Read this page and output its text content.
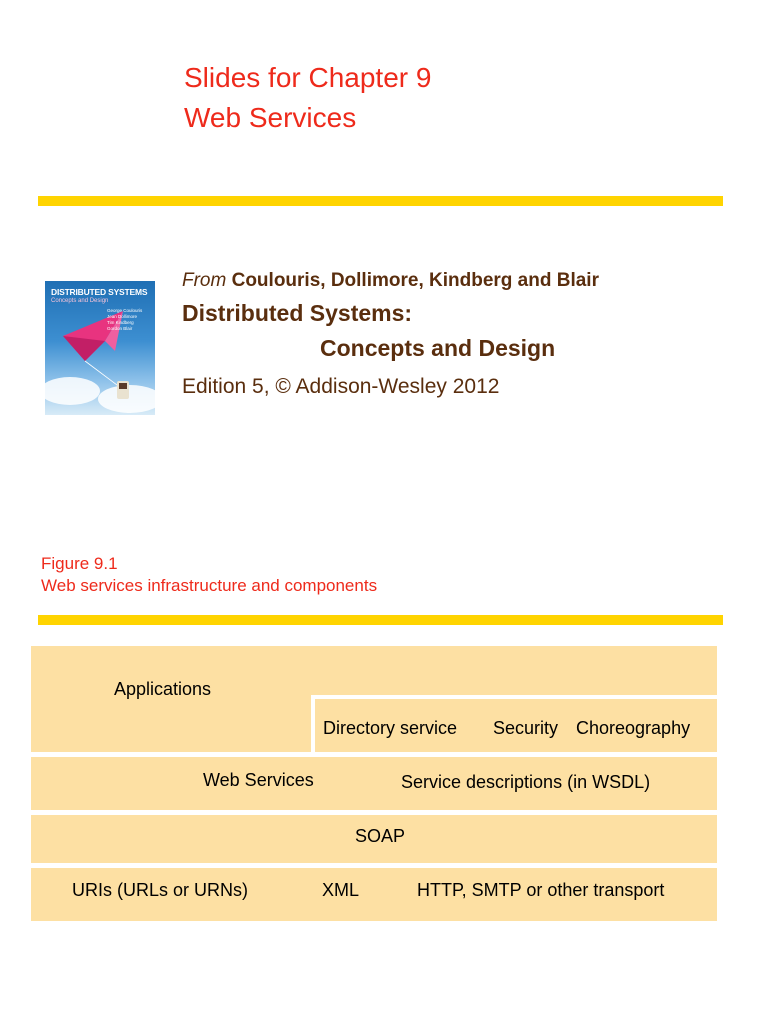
Slides for Chapter 9
Web Services
DISTRIBUTED SYSTEMS
Concepts and Design
George Coulouris
Jean Dollimore
Tim Kindberg
Gordon Blair
From Coulouris, Dollimore, Kindberg and Blair
Distributed Systems:
Concepts and Design
Edition 5, © Addison-Wesley 2012
Figure 9.1
Web services infrastructure and components
Applications
Directory service Security Choreography
Web Services	Service descriptions (in WSDL)
SOAP
URIs (URLs or URNs)	XML	HTTP, SMTP or other transport
